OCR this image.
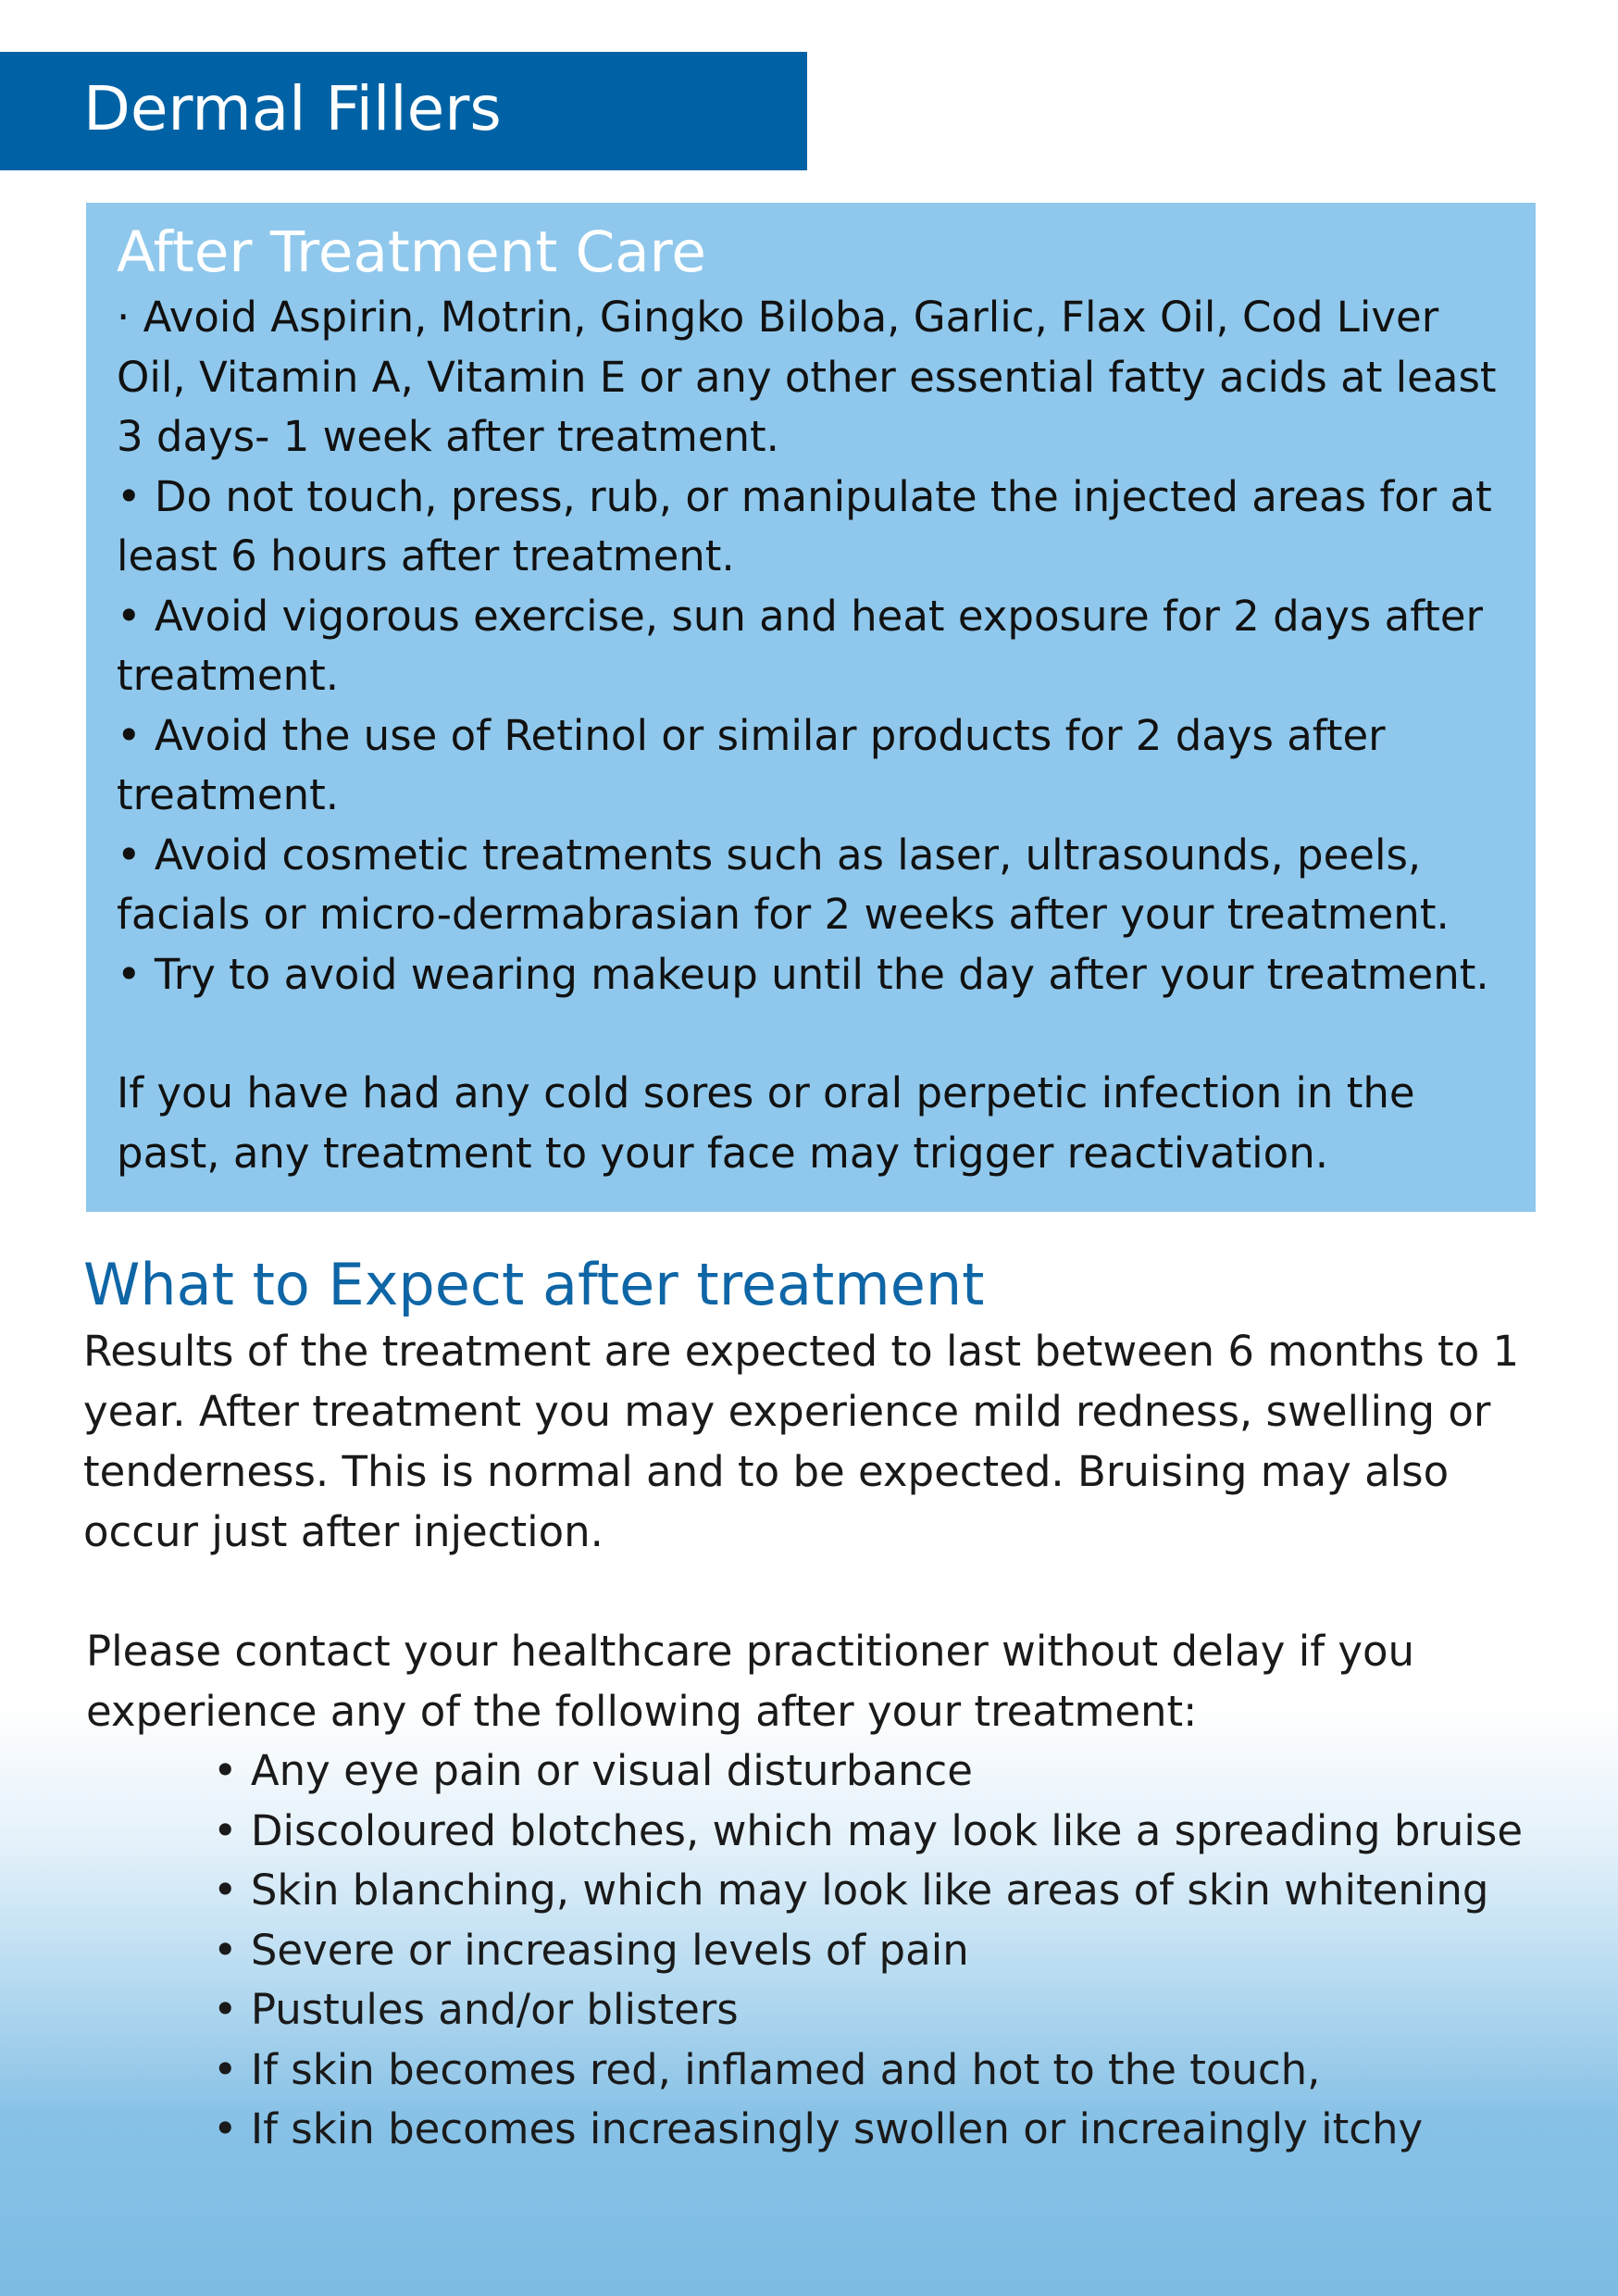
Dermal Fillers
After Treatment Care
· Avoid Aspirin, Motrin, Gingko Biloba, Garlic, Flax Oil, Cod Liver
Oil, Vitamin A, Vitamin E or any other essential fatty acids at least
3 days- 1 week after treatment.
• Do not touch, press, rub, or manipulate the injected areas for at
least 6 hours after treatment.
• Avoid vigorous exercise, sun and heat exposure for 2 days after
treatment.
• Avoid the use of Retinol or similar products for 2 days after
treatment.
• Avoid cosmetic treatments such as laser, ultrasounds, peels,
facials or micro-dermabrasian for 2 weeks after your treatment.
• Try to avoid wearing makeup until the day after your treatment.

If you have had any cold sores or oral perpetic infection in the
past, any treatment to your face may trigger reactivation.

What to Expect after treatment

Results of the treatment are expected to last between 6 months to 1
year. After treatment you may experience mild redness, swelling or
tenderness. This is normal and to be expected. Bruising may also
occur just after injection.

Please contact your healthcare practitioner without delay if you
experience any of the following after your treatment:

• Any eye pain or visual disturbance
• Discoloured blotches, which may look like a spreading bruise
• Skin blanching, which may look like areas of skin whitening
• Severe or increasing levels of pain
• Pustules and/or blisters
• If skin becomes red, inflamed and hot to the touch,
• If skin becomes increasingly swollen or increaingly itchy
